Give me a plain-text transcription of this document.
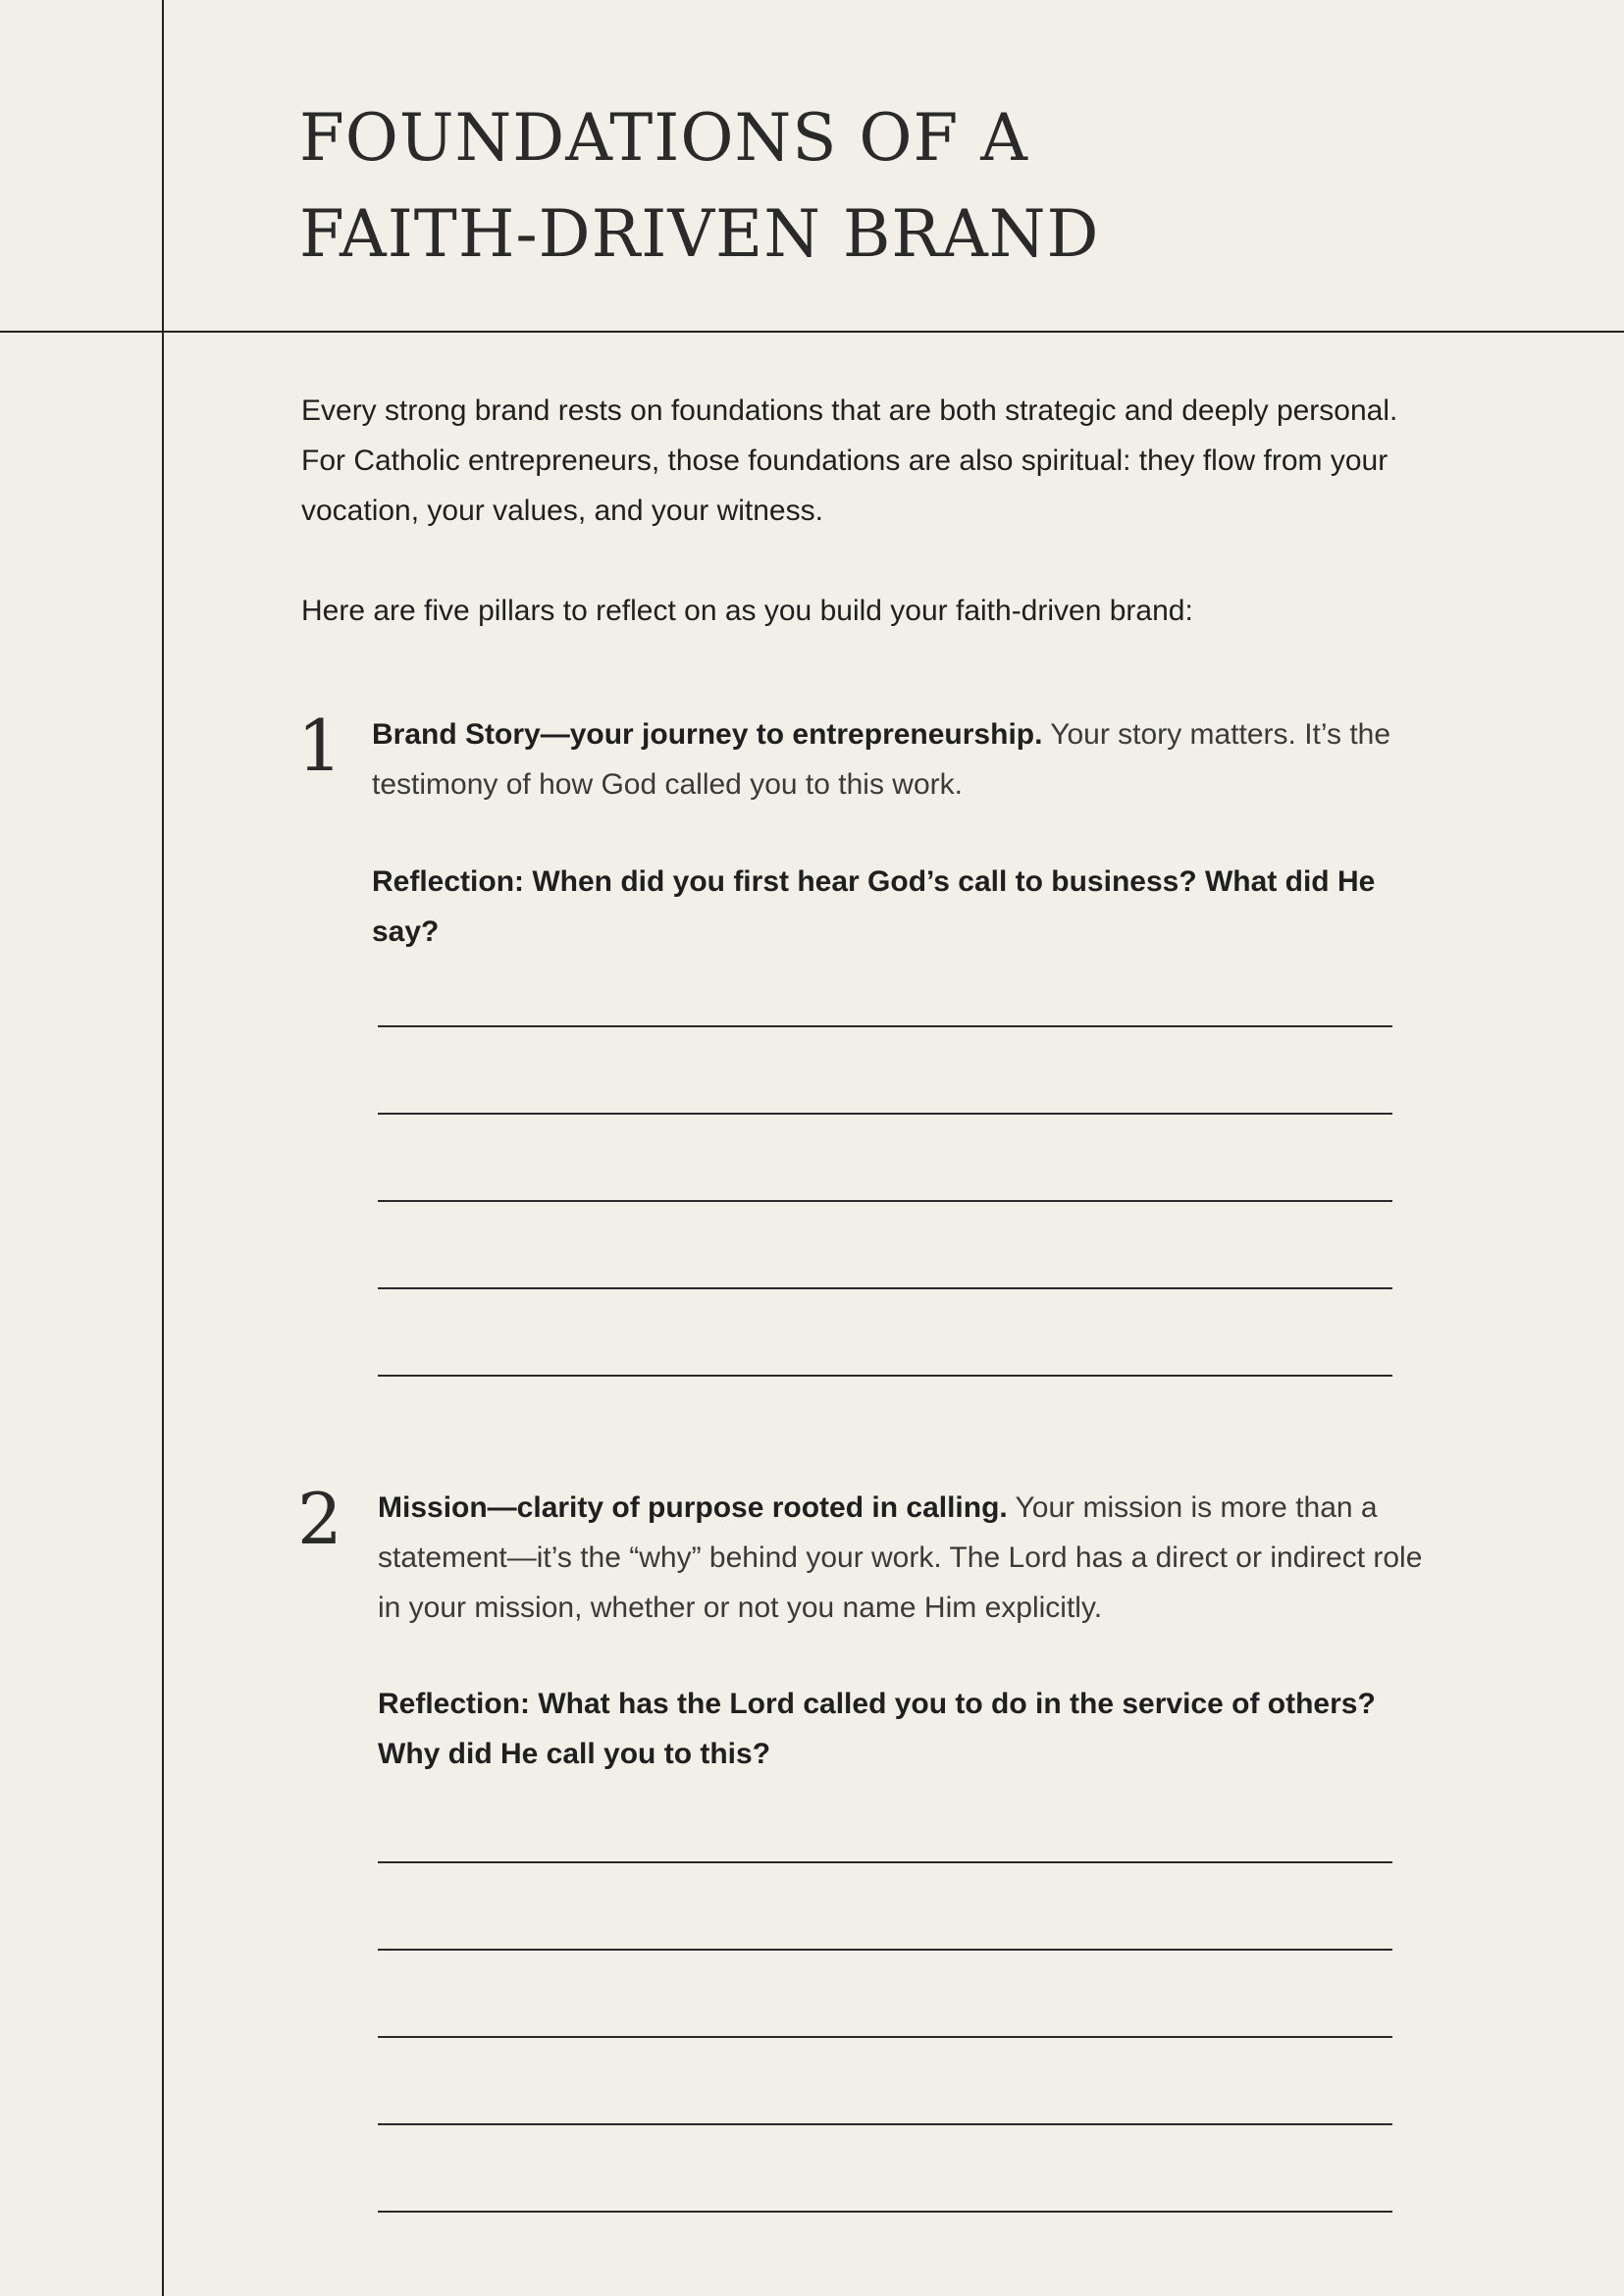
FOUNDATIONS OF A
FAITH-DRIVEN BRAND

Every strong brand rests on foundations that are both strategic and deeply personal. For Catholic entrepreneurs, those foundations are also spiritual: they flow from your vocation, your values, and your witness.

Here are five pillars to reflect on as you build your faith-driven brand:

1 Brand Story—your journey to entrepreneurship. Your story matters. It’s the testimony of how God called you to this work.

Reflection: When did you first hear God’s call to business? What did He say?

2 Mission—clarity of purpose rooted in calling. Your mission is more than a statement—it’s the “why” behind your work. The Lord has a direct or indirect role in your mission, whether or not you name Him explicitly.

Reflection: What has the Lord called you to do in the service of others? Why did He call you to this?
